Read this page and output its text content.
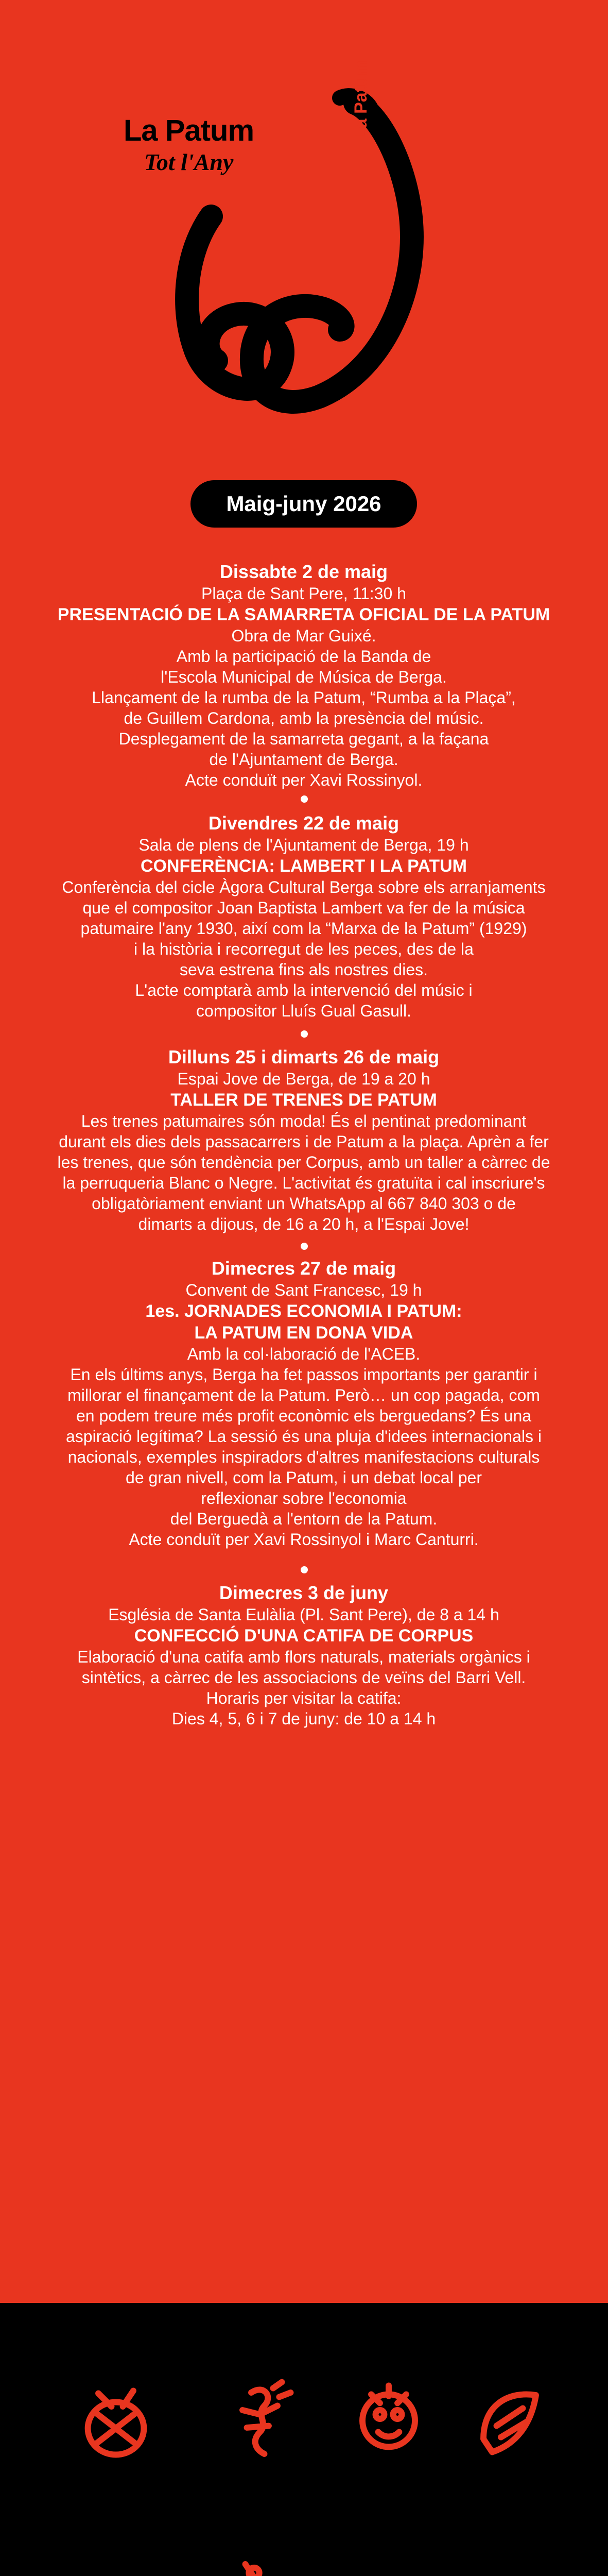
La Patum
Tot l'Any
La Patum
Maig-juny 2026
Dissabte 2 de maig
Plaça de Sant Pere, 11:30 h
PRESENTACIÓ DE LA SAMARRETA OFICIAL DE LA PATUM
Obra de Mar Guixé.
Amb la participació de la Banda de
l'Escola Municipal de Música de Berga.
Llançament de la rumba de la Patum, “Rumba a la Plaça”,
de Guillem Cardona, amb la presència del músic.
Desplegament de la samarreta gegant, a la façana
de l'Ajuntament de Berga.
Acte conduït per Xavi Rossinyol.
Divendres 22 de maig
Sala de plens de l'Ajuntament de Berga, 19 h
CONFERÈNCIA: LAMBERT I LA PATUM
Conferència del cicle Àgora Cultural Berga sobre els arranjaments
que el compositor Joan Baptista Lambert va fer de la música
patumaire l'any 1930, així com la “Marxa de la Patum” (1929)
i la història i recorregut de les peces, des de la
seva estrena fins als nostres dies.
L'acte comptarà amb la intervenció del músic i
compositor Lluís Gual Gasull.
Dilluns 25 i dimarts 26 de maig
Espai Jove de Berga, de 19 a 20 h
TALLER DE TRENES DE PATUM
Les trenes patumaires són moda! És el pentinat predominant
durant els dies dels passacarrers i de Patum a la plaça. Aprèn a fer
les trenes, que són tendència per Corpus, amb un taller a càrrec de
la perruqueria Blanc o Negre. L'activitat és gratuïta i cal inscriure's
obligatòriament enviant un WhatsApp al 667 840 303 o de
dimarts a dijous, de 16 a 20 h, a l'Espai Jove!
Dimecres 27 de maig
Convent de Sant Francesc, 19 h
1es. JORNADES ECONOMIA I PATUM:
LA PATUM EN DONA VIDA
Amb la col·laboració de l'ACEB.
En els últims anys, Berga ha fet passos importants per garantir i
millorar el finançament de la Patum. Però… un cop pagada, com
en podem treure més profit econòmic els berguedans? És una
aspiració legítima? La sessió és una pluja d'idees internacionals i
nacionals, exemples inspiradors d'altres manifestacions culturals
de gran nivell, com la Patum, i un debat local per
reflexionar sobre l'economia
del Berguedà a l'entorn de la Patum.
Acte conduït per Xavi Rossinyol i Marc Canturri.
Dimecres 3 de juny
Església de Santa Eulàlia (Pl. Sant Pere), de 8 a 14 h
CONFECCIÓ D'UNA CATIFA DE CORPUS
Elaboració d'una catifa amb flors naturals, materials orgànics i
sintètics, a càrrec de les associacions de veïns del Barri Vell.
Horaris per visitar la catifa:
Dies 4, 5, 6 i 7 de juny: de 10 a 14 h
